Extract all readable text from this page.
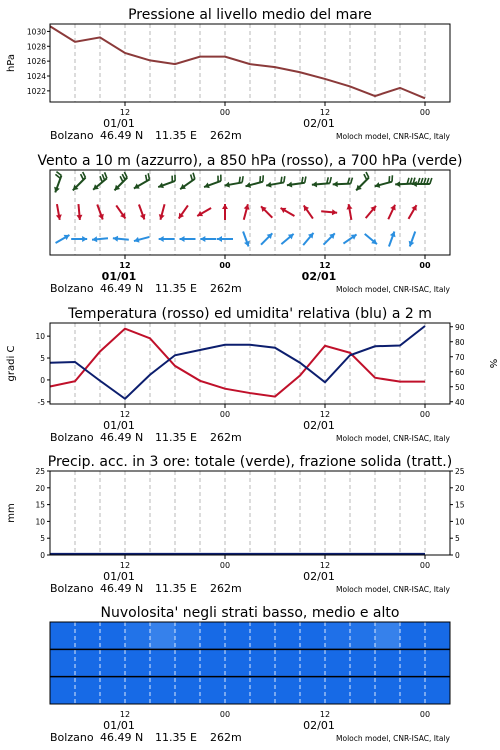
Pressione al livello medio del mare
1022
1024
1026
1028
1030
hPa
12	00	12	00
01/01	02/01
Bolzano 46.49 N 11.35 E 262m	Moloch model, CNR-ISAC, Italy
Vento a 10 m (azzurro), a 850 hPa (rosso), a 700 hPa (verde)
12	00	12	00
01/01	02/01
Bolzano 46.49 N 11.35 E 262m	Moloch model, CNR-ISAC, Italy
Temperatura (rosso) ed umidita' relativa (blu) a 2 m
-5
0
5
10
40
50
60
70
80
90
gradi C	%
12	00	12	00
01/01	02/01
Bolzano 46.49 N 11.35 E 262m	Moloch model, CNR-ISAC, Italy
Precip. acc. in 3 ore: totale (verde), frazione solida (tratt.)
0	0
5	5
10	10
15	15
20	20
25	25
mm
12	00	12	00
01/01	02/01
Bolzano 46.49 N 11.35 E 262m	Moloch model, CNR-ISAC, Italy
Nuvolosita' negli strati basso, medio e alto
12	00	12	00
01/01	02/01
Bolzano 46.49 N 11.35 E 262m	Moloch model, CNR-ISAC, Italy
